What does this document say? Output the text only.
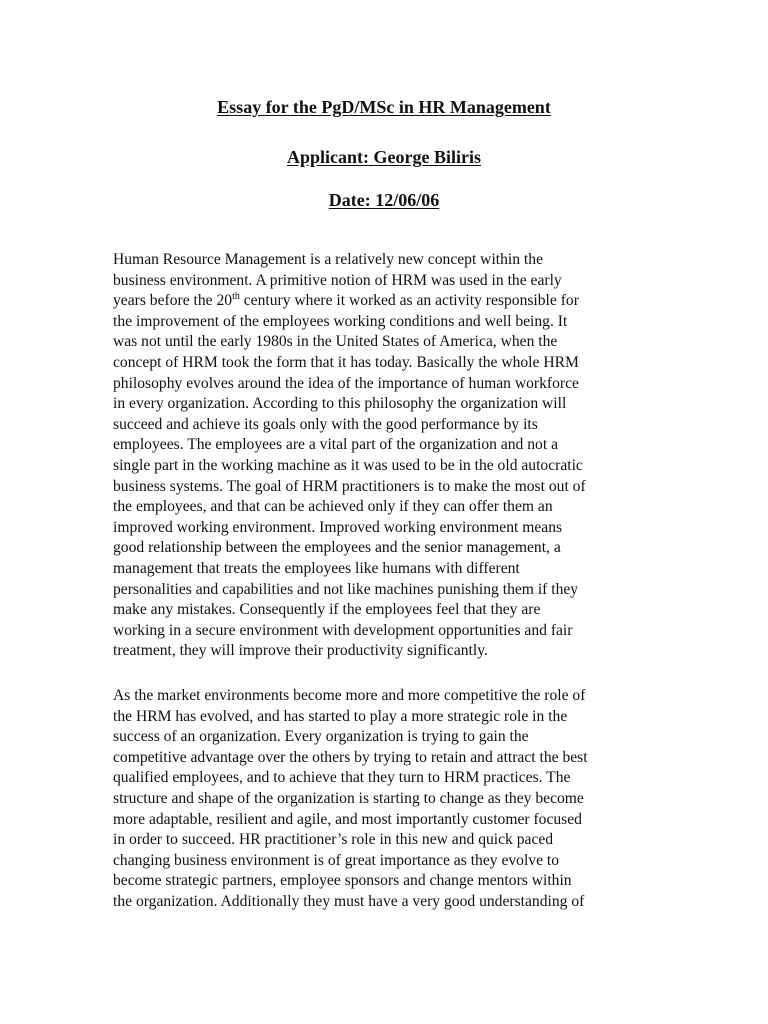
Essay for the PgD/MSc in HR Management
Applicant: George Biliris
Date: 12/06/06
Human Resource Management is a relatively new concept within the
business environment. A primitive notion of HRM was used in the early
years before the 20th century where it worked as an activity responsible for
the improvement of the employees working conditions and well being. It
was not until the early 1980s in the United States of America, when the
concept of HRM took the form that it has today. Basically the whole HRM
philosophy evolves around the idea of the importance of human workforce
in every organization. According to this philosophy the organization will
succeed and achieve its goals only with the good performance by its
employees. The employees are a vital part of the organization and not a
single part in the working machine as it was used to be in the old autocratic
business systems. The goal of HRM practitioners is to make the most out of
the employees, and that can be achieved only if they can offer them an
improved working environment. Improved working environment means
good relationship between the employees and the senior management, a
management that treats the employees like humans with different
personalities and capabilities and not like machines punishing them if they
make any mistakes. Consequently if the employees feel that they are
working in a secure environment with development opportunities and fair
treatment, they will improve their productivity significantly.
As the market environments become more and more competitive the role of
the HRM has evolved, and has started to play a more strategic role in the
success of an organization. Every organization is trying to gain the
competitive advantage over the others by trying to retain and attract the best
qualified employees, and to achieve that they turn to HRM practices. The
structure and shape of the organization is starting to change as they become
more adaptable, resilient and agile, and most importantly customer focused
in order to succeed. HR practitioner’s role in this new and quick paced
changing business environment is of great importance as they evolve to
become strategic partners, employee sponsors and change mentors within
the organization. Additionally they must have a very good understanding of
